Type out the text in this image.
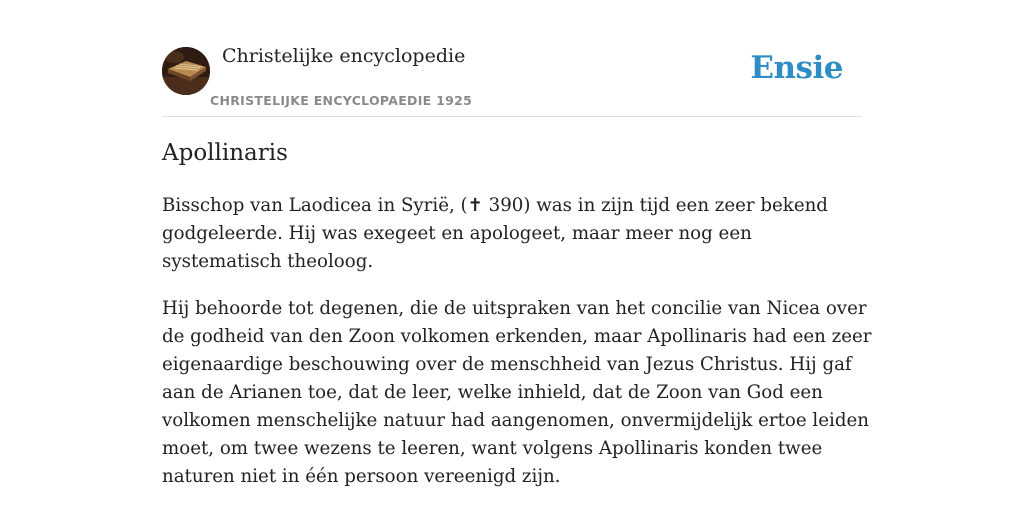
Christelijke encyclopedie
CHRISTELIJKE ENCYCLOPAEDIE 1925
Ensie
Apollinaris

Bisschop van Laodicea in Syrië, (✝ 390) was in zijn tijd een zeer bekend godgeleerde. Hij was exegeet en apologeet, maar meer nog een systematisch theoloog.

Hij behoorde tot degenen, die de uitspraken van het concilie van Nicea over de godheid van den Zoon volkomen erkenden, maar Apollinaris had een zeer eigenaardige beschouwing over de menschheid van Jezus Christus. Hij gaf aan de Arianen toe, dat de leer, welke inhield, dat de Zoon van God een volkomen menschelijke natuur had aangenomen, onvermijdelijk ertoe leiden moet, om twee wezens te leeren, want volgens Apollinaris konden twee naturen niet in één persoon vereenigd zijn.
